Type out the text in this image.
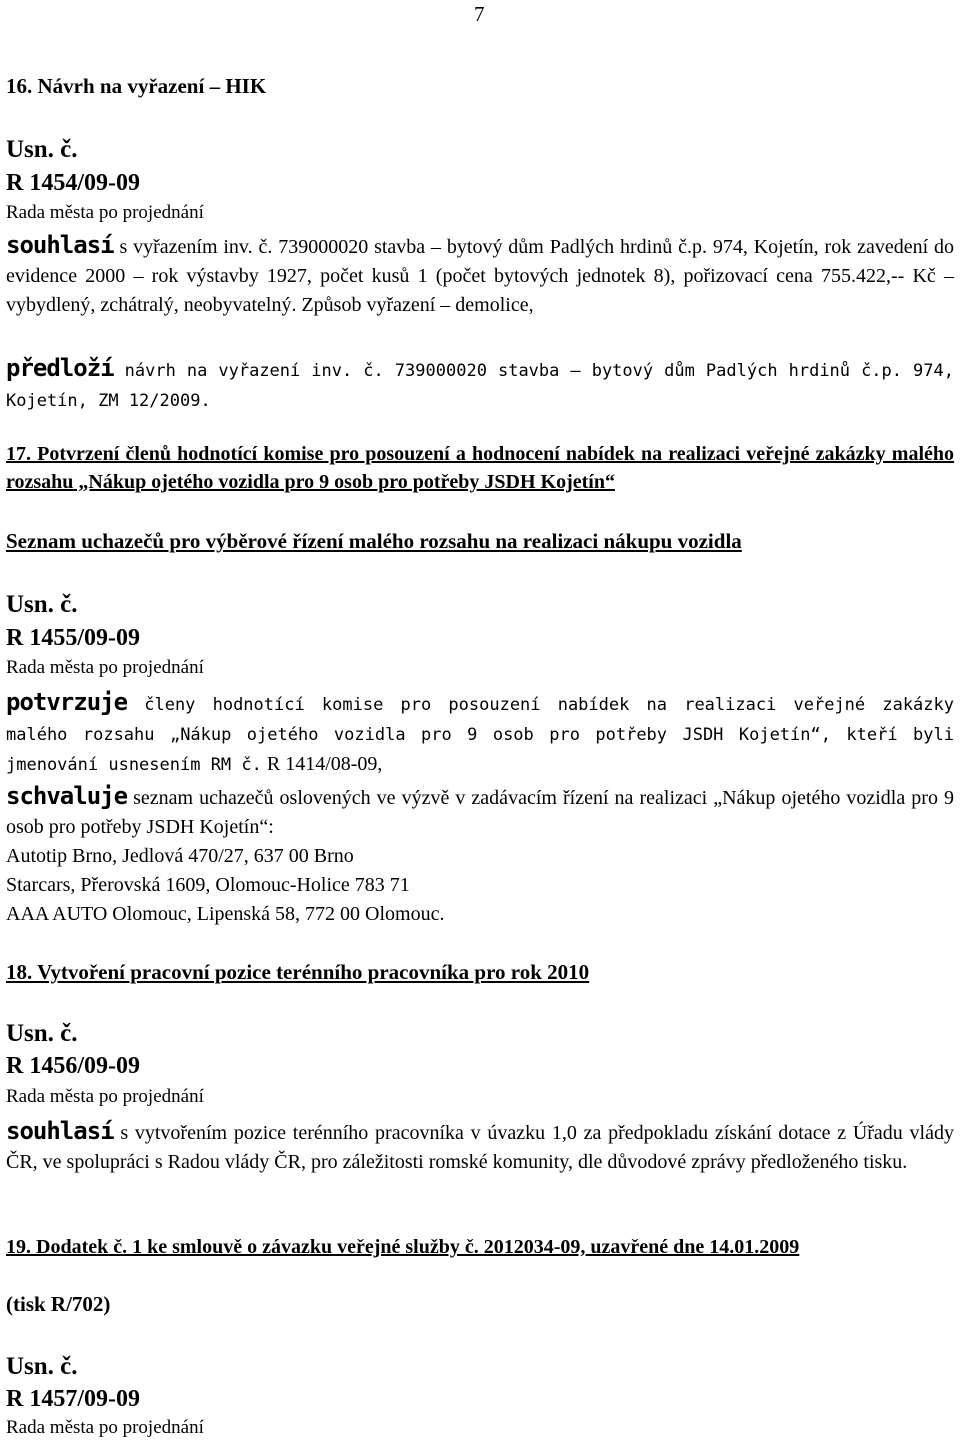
7
16. Návrh na vyřazení – HIK
Usn. č.
R 1454/09-09
Rada města po projednání

souhlasí s vyřazením inv. č. 739000020 stavba – bytový dům Padlých hrdinů č.p. 974, Kojetín, rok zavedení do evidence 2000 – rok výstavby 1927, počet kusů 1 (počet bytových jednotek 8), pořizovací cena 755.422,-- Kč – vybydlený, zchátralý, neobyvatelný. Způsob vyřazení – demolice,

předloží návrh na vyřazení inv. č. 739000020 stavba – bytový dům Padlých hrdinů č.p. 974, Kojetín, ZM 12/2009.

17. Potvrzení členů hodnotící komise pro posouzení a hodnocení nabídek na realizaci veřejné zakázky malého rozsahu „Nákup ojetého vozidla pro 9 osob pro potřeby JSDH Kojetín“

Seznam uchazečů pro výběrové řízení malého rozsahu na realizaci nákupu vozidla
Usn. č.
R 1455/09-09
Rada města po projednání

potvrzuje členy hodnotící komise pro posouzení nabídek na realizaci veřejné zakázky malého rozsahu „Nákup ojetého vozidla pro 9 osob pro potřeby JSDH Kojetín“, kteří byli jmenování usnesením RM č. R 1414/08-09,

schvaluje seznam uchazečů oslovených ve výzvě v zadávacím řízení na realizaci „Nákup ojetého vozidla pro 9 osob pro potřeby JSDH Kojetín“:

Autotip Brno, Jedlová 470/27, 637 00 Brno
Starcars, Přerovská 1609, Olomouc-Holice 783 71
AAA AUTO Olomouc, Lipenská 58, 772 00 Olomouc.
18. Vytvoření pracovní pozice terénního pracovníka pro rok 2010
Usn. č.
R 1456/09-09
Rada města po projednání

souhlasí s vytvořením pozice terénního pracovníka v úvazku 1,0 za předpokladu získání dotace z Úřadu vlády ČR, ve spolupráci s Radou vlády ČR, pro záležitosti romské komunity, dle důvodové zprávy předloženého tisku.

19. Dodatek č. 1 ke smlouvě o závazku veřejné služby č. 2012034-09, uzavřené dne 14.01.2009

(tisk R/702)
Usn. č.
R 1457/09-09
Rada města po projednání
